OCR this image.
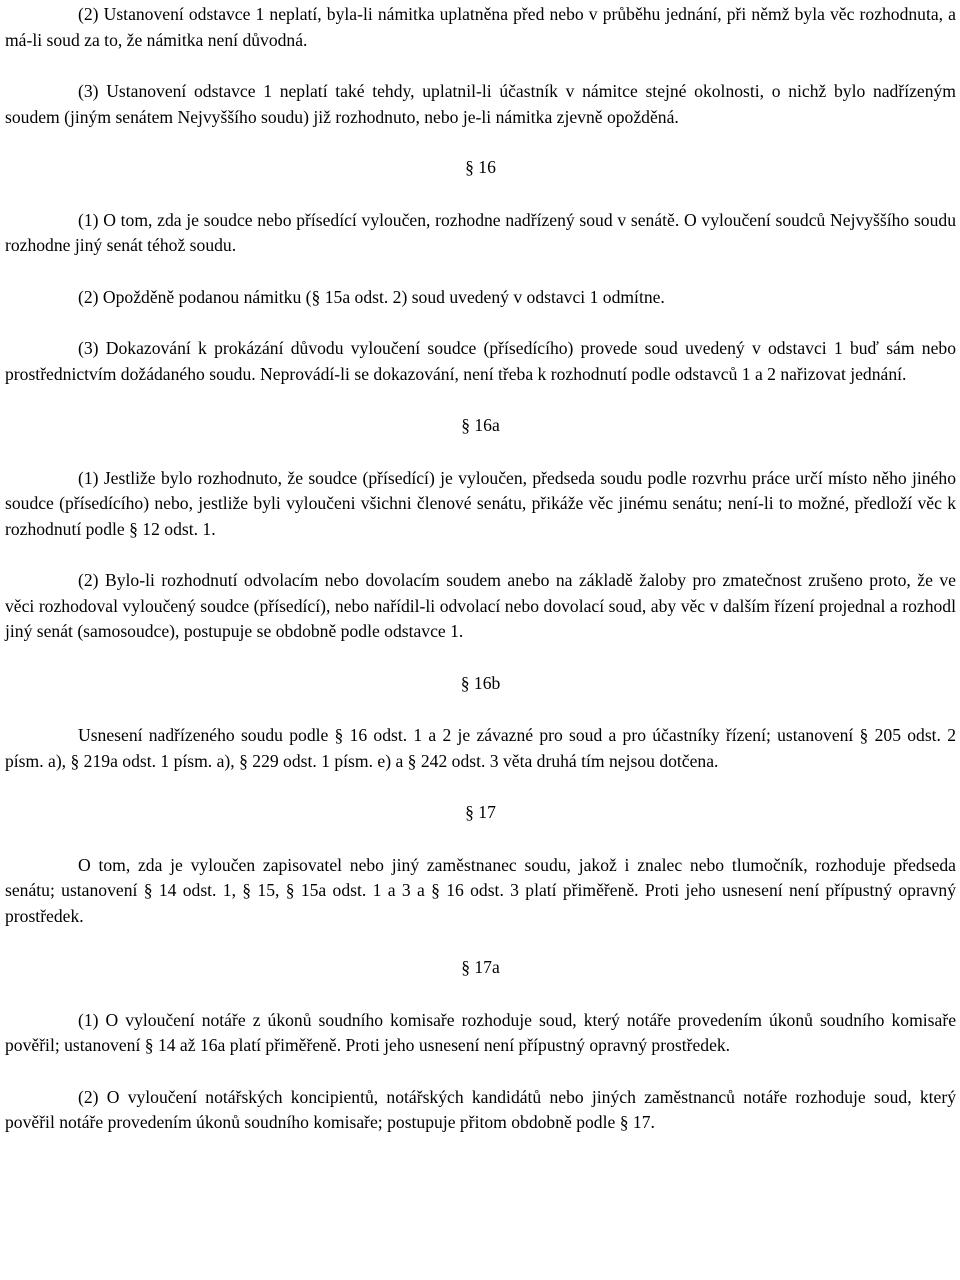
(2) Ustanovení odstavce 1 neplatí, byla-li námitka uplatněna před nebo v průběhu jednání, při němž byla věc rozhodnuta, a má-li soud za to, že námitka není důvodná.

(3) Ustanovení odstavce 1 neplatí také tehdy, uplatnil-li účastník v námitce stejné okolnosti, o nichž bylo nadřízeným soudem (jiným senátem Nejvyššího soudu) již rozhodnuto, nebo je-li námitka zjevně opožděná.

§ 16

(1) O tom, zda je soudce nebo přísedící vyloučen, rozhodne nadřízený soud v senátě. O vyloučení soudců Nejvyššího soudu rozhodne jiný senát téhož soudu.

(2) Opožděně podanou námitku (§ 15a odst. 2) soud uvedený v odstavci 1 odmítne.

(3) Dokazování k prokázání důvodu vyloučení soudce (přísedícího) provede soud uvedený v odstavci 1 buď sám nebo prostřednictvím dožádaného soudu. Neprovádí-li se dokazování, není třeba k rozhodnutí podle odstavců 1 a 2 nařizovat jednání.

§ 16a

(1) Jestliže bylo rozhodnuto, že soudce (přísedící) je vyloučen, předseda soudu podle rozvrhu práce určí místo něho jiného soudce (přísedícího) nebo, jestliže byli vyloučeni všichni členové senátu, přikáže věc jinému senátu; není-li to možné, předloží věc k rozhodnutí podle § 12 odst. 1.

(2) Bylo-li rozhodnutí odvolacím nebo dovolacím soudem anebo na základě žaloby pro zmatečnost zrušeno proto, že ve věci rozhodoval vyloučený soudce (přísedící), nebo nařídil-li odvolací nebo dovolací soud, aby věc v dalším řízení projednal a rozhodl jiný senát (samosoudce), postupuje se obdobně podle odstavce 1.

§ 16b

Usnesení nadřízeného soudu podle § 16 odst. 1 a 2 je závazné pro soud a pro účastníky řízení; ustanovení § 205 odst. 2 písm. a), § 219a odst. 1 písm. a), § 229 odst. 1 písm. e) a § 242 odst. 3 věta druhá tím nejsou dotčena.

§ 17

O tom, zda je vyloučen zapisovatel nebo jiný zaměstnanec soudu, jakož i znalec nebo tlumočník, rozhoduje předseda senátu; ustanovení § 14 odst. 1, § 15, § 15a odst. 1 a 3 a § 16 odst. 3 platí přiměřeně. Proti jeho usnesení není přípustný opravný prostředek.

§ 17a

(1) O vyloučení notáře z úkonů soudního komisaře rozhoduje soud, který notáře provedením úkonů soudního komisaře pověřil; ustanovení § 14 až 16a platí přiměřeně. Proti jeho usnesení není přípustný opravný prostředek.

(2) O vyloučení notářských koncipientů, notářských kandidátů nebo jiných zaměstnanců notáře rozhoduje soud, který pověřil notáře provedením úkonů soudního komisaře; postupuje přitom obdobně podle § 17.
